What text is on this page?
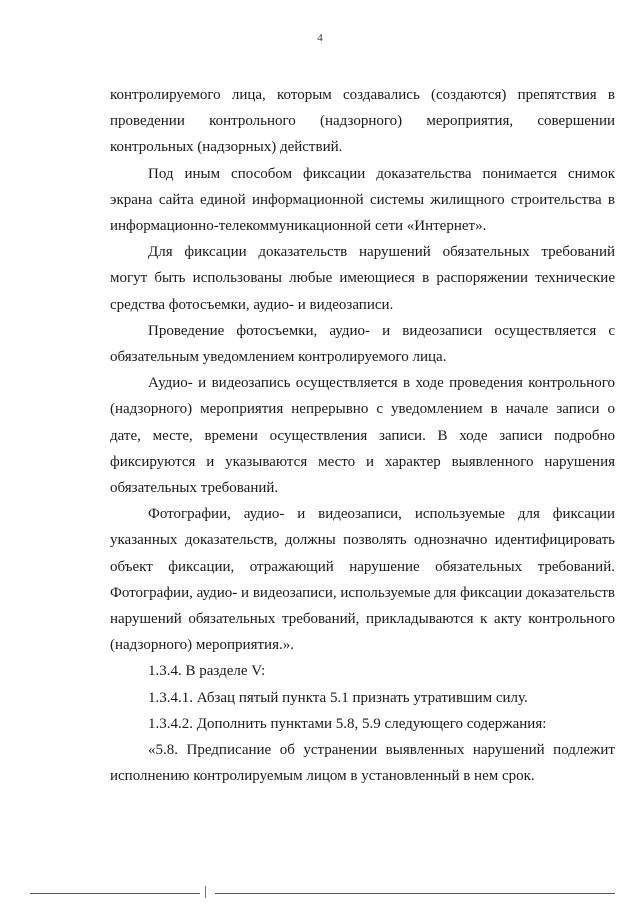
4

контролируемого лица, которым создавались (создаются) препятствия в проведении контрольного (надзорного) мероприятия, совершении контрольных (надзорных) действий.

Под иным способом фиксации доказательства понимается снимок экрана сайта единой информационной системы жилищного строительства в информационно-телекоммуникационной сети «Интернет».

Для фиксации доказательств нарушений обязательных требований могут быть использованы любые имеющиеся в распоряжении технические средства фотосъемки, аудио- и видеозаписи.

Проведение фотосъемки, аудио- и видеозаписи осуществляется с обязательным уведомлением контролируемого лица.

Аудио- и видеозапись осуществляется в ходе проведения контрольного (надзорного) мероприятия непрерывно с уведомлением в начале записи о дате, месте, времени осуществления записи. В ходе записи подробно фиксируются и указываются место и характер выявленного нарушения обязательных требований.

Фотографии, аудио- и видеозаписи, используемые для фиксации указанных доказательств, должны позволять однозначно идентифицировать объект фиксации, отражающий нарушение обязательных требований. Фотографии, аудио- и видеозаписи, используемые для фиксации доказательств нарушений обязательных требований, прикладываются к акту контрольного (надзорного) мероприятия.».

1.3.4. В разделе V:

1.3.4.1. Абзац пятый пункта 5.1 признать утратившим силу.

1.3.4.2. Дополнить пунктами 5.8, 5.9 следующего содержания:

«5.8. Предписание об устранении выявленных нарушений подлежит исполнению контролируемым лицом в установленный в нем срок.
